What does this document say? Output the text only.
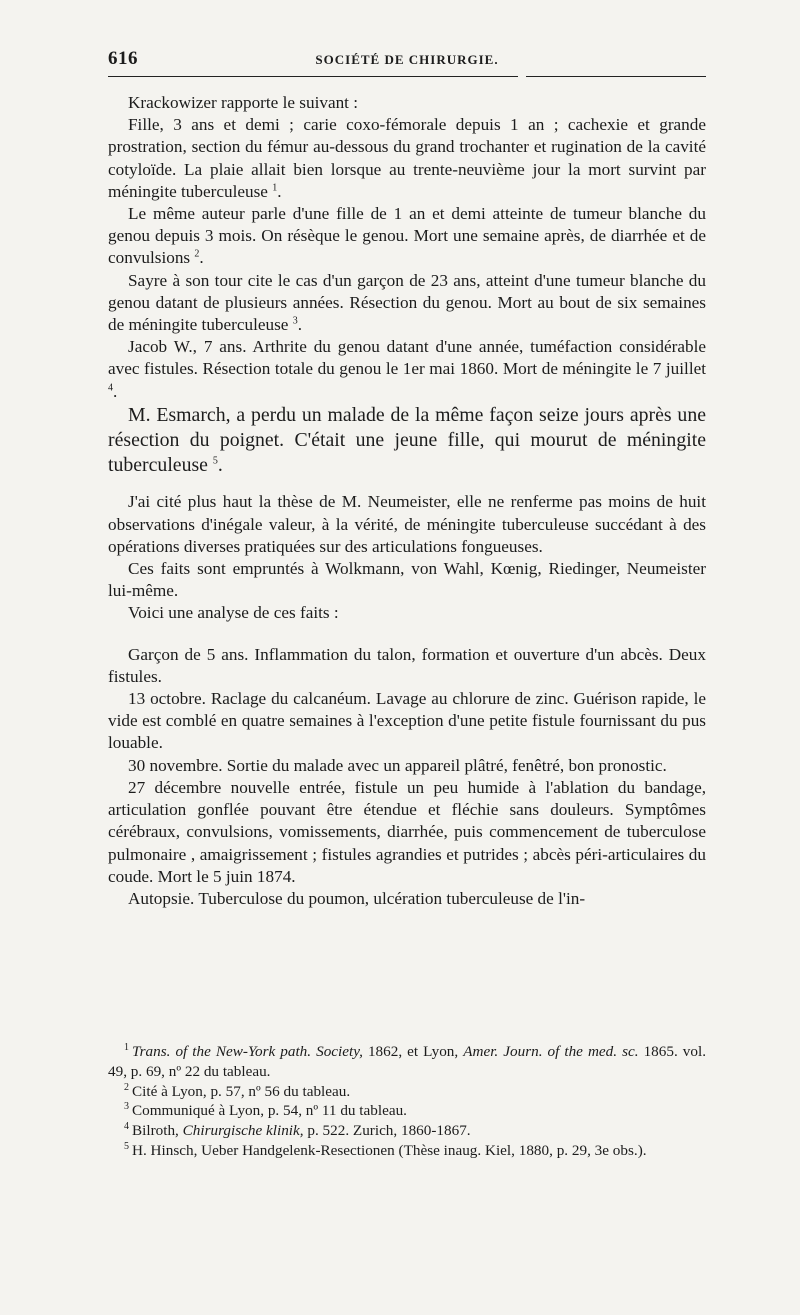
616	SOCIÉTÉ DE CHIRURGIE.

Krackowizer rapporte le suivant :

Fille, 3 ans et demi ; carie coxo-fémorale depuis 1 an ; cachexie et grande prostration, section du fémur au-dessous du grand trochanter et rugination de la cavité cotyloïde. La plaie allait bien lorsque au trente-neuvième jour la mort survint par méningite tuberculeuse $^1$.

Le même auteur parle d'une fille de 1 an et demi atteinte de tumeur blanche du genou depuis 3 mois. On résèque le genou. Mort une semaine après, de diarrhée et de convulsions $^2$.

Sayre à son tour cite le cas d'un garçon de 23 ans, atteint d'une tumeur blanche du genou datant de plusieurs années. Résection du genou. Mort au bout de six semaines de méningite tuberculeuse $^3$.

Jacob W., 7 ans. Arthrite du genou datant d'une année, tuméfaction considérable avec fistules. Résection totale du genou le 1er mai 1860. Mort de méningite le 7 juillet $^4$.

M. Esmarch, a perdu un malade de la même façon seize jours après une résection du poignet. C'était une jeune fille, qui mourut de méningite tuberculeuse $^5$.

J'ai cité plus haut la thèse de M. Neumeister, elle ne renferme pas moins de huit observations d'inégale valeur, à la vérité, de méningite tuberculeuse succédant à des opérations diverses pratiquées sur des articulations fongueuses.

Ces faits sont empruntés à Wolkmann, von Wahl, Kœnig, Riedinger, Neumeister lui-même.

Voici une analyse de ces faits :

Garçon de 5 ans. Inflammation du talon, formation et ouverture d'un abcès. Deux fistules.

13 octobre. Raclage du calcanéum. Lavage au chlorure de zinc. Guérison rapide, le vide est comblé en quatre semaines à l'exception d'une petite fistule fournissant du pus louable.

30 novembre. Sortie du malade avec un appareil plâtré, fenêtré, bon pronostic.

27 décembre nouvelle entrée, fistule un peu humide à l'ablation du bandage, articulation gonflée pouvant être étendue et fléchie sans douleurs. Symptômes cérébraux, convulsions, vomissements, diarrhée, puis commencement de tuberculose pulmonaire , amaigrissement ; fistules agrandies et putrides ; abcès péri-articulaires du coude. Mort le 5 juin 1874.

Autopsie. Tuberculose du poumon, ulcération tuberculeuse de l'in-

$^1$ Trans. of the New-York path. Society, 1862, et Lyon, Amer. Journ. of the med. sc. 1865. vol. 49, p. 69, nº 22 du tableau.

$^2$ Cité à Lyon, p. 57, nº 56 du tableau.

$^3$ Communiqué à Lyon, p. 54, nº 11 du tableau.

$^4$ Bilroth, Chirurgische klinik, p. 522. Zurich, 1860-1867.

$^5$ H. Hinsch, Ueber Handgelenk-Resectionen (Thèse inaug. Kiel, 1880, p. 29, 3e obs.).
